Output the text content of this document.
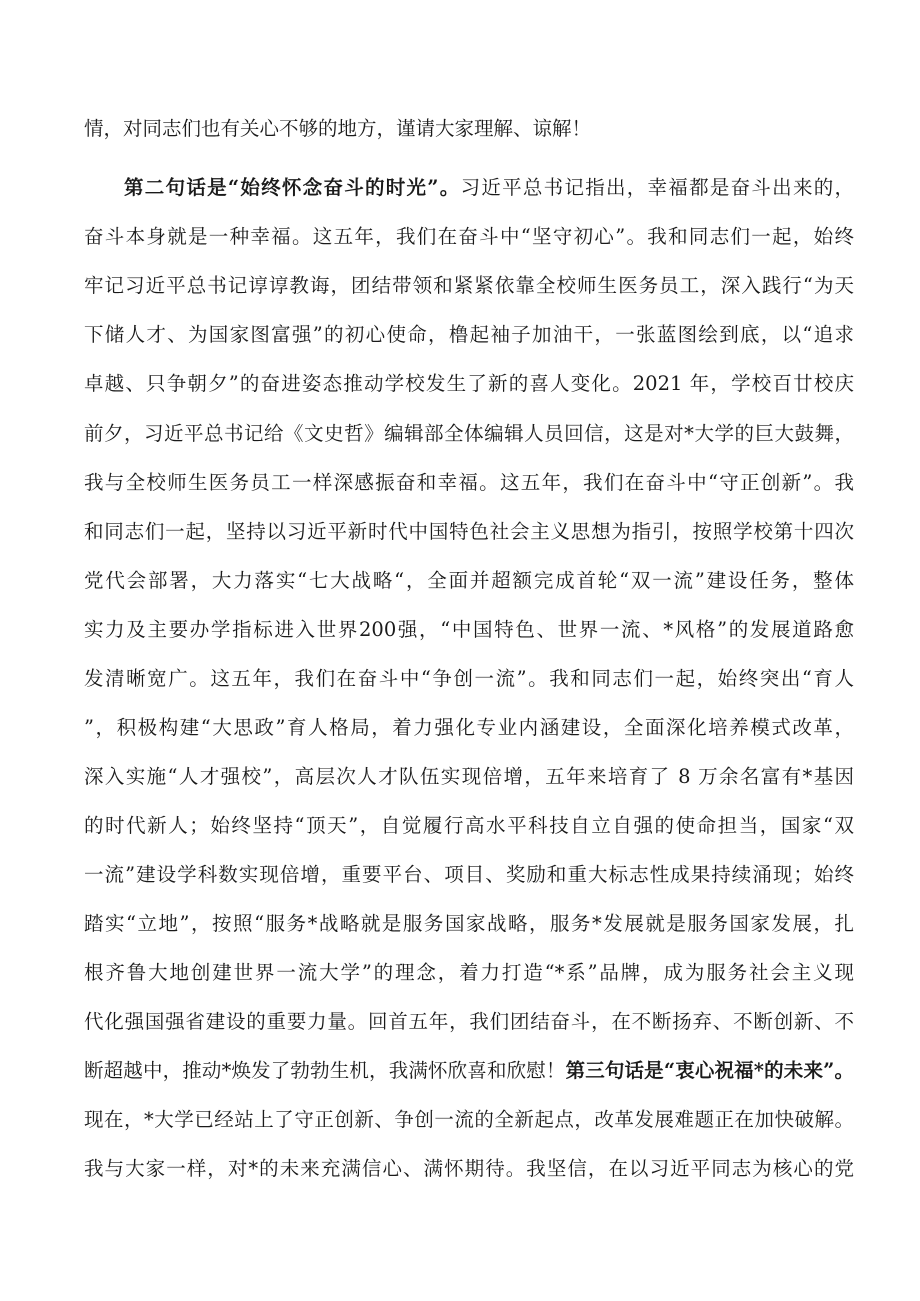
情，对同志们也有关心不够的地方，谨请大家理解、谅解！
第二句话是“始终怀念奋斗的时光”。习近平总书记指出，幸福都是奋斗出来的，
奋斗本身就是一种幸福。这五年，我们在奋斗中“坚守初心”。我和同志们一起，始终
牢记习近平总书记谆谆教诲，团结带领和紧紧依靠全校师生医务员工，深入践行“为天
下储人才、为国家图富强”的初心使命，橹起袖子加油干，一张蓝图绘到底，以“追求
卓越、只争朝夕”的奋进姿态推动学校发生了新的喜人变化。2021 年，学校百廿校庆
前夕，习近平总书记给《文史哲》编辑部全体编辑人员回信，这是对*大学的巨大鼓舞，
我与全校师生医务员工一样深感振奋和幸福。这五年，我们在奋斗中“守正创新”。我
和同志们一起，坚持以习近平新时代中国特色社会主义思想为指引，按照学校第十四次
党代会部署，大力落实“七大战略“，全面并超额完成首轮“双一流”建设任务，整体
实力及主要办学指标进入世界200强，“中国特色、世界一流、*风格”的发展道路愈
发清晰宽广。这五年，我们在奋斗中“争创一流”。我和同志们一起，始终突出“育人
”，积极构建“大思政”育人格局，着力强化专业内涵建设，全面深化培养模式改革，
深入实施“人才强校”，高层次人才队伍实现倍增，五年来培育了 8 万余名富有*基因
的时代新人；始终坚持“顶天”，自觉履行高水平科技自立自强的使命担当，国家“双
一流”建设学科数实现倍增，重要平台、项目、奖励和重大标志性成果持续涌现；始终
踏实“立地”，按照“服务*战略就是服务国家战略，服务*发展就是服务国家发展，扎
根齐鲁大地创建世界一流大学”的理念，着力打造“*系”品牌，成为服务社会主义现
代化强国强省建设的重要力量。回首五年，我们团结奋斗，在不断扬弃、不断创新、不
断超越中，推动*焕发了勃勃生机，我满怀欣喜和欣慰！第三句话是“衷心祝福*的未来”。
现在，*大学已经站上了守正创新、争创一流的全新起点，改革发展难题正在加快破解。
我与大家一样，对*的未来充满信心、满怀期待。我坚信，在以习近平同志为核心的党
